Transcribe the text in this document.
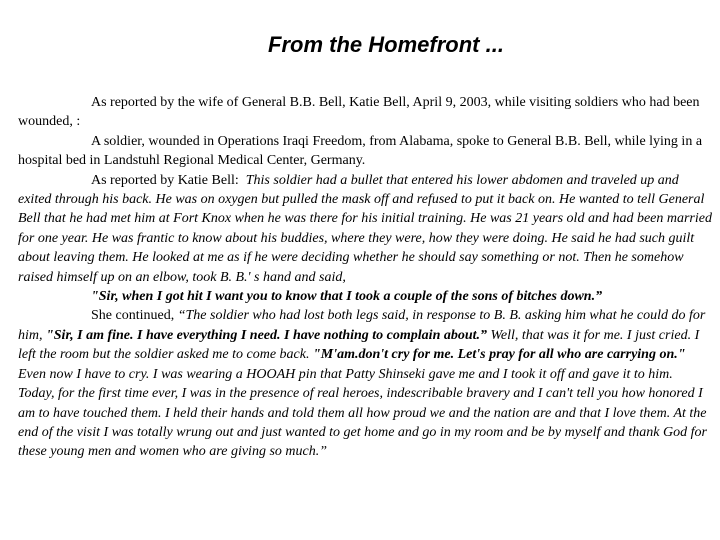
From the Homefront ...

As reported by the wife of General B.B. Bell, Katie Bell, April 9, 2003, while visiting soldiers who had been wounded, :

A soldier, wounded in Operations Iraqi Freedom, from Alabama, spoke to General B.B. Bell, while lying in a hospital bed in Landstuhl Regional Medical Center, Germany.

As reported by Katie Bell: This soldier had a bullet that entered his lower abdomen and traveled up and exited through his back. He was on oxygen but pulled the mask off and refused to put it back on. He wanted to tell General Bell that he had met him at Fort Knox when he was there for his initial training. He was 21 years old and had been married for one year. He was frantic to know about his buddies, where they were, how they were doing. He said he had such guilt about leaving them. He looked at me as if he were deciding whether he should say something or not. Then he somehow raised himself up on an elbow, took B. B.' s hand and said,

"Sir, when I got hit I want you to know that I took a couple of the sons of bitches down.”

She continued, “The soldier who had lost both legs said, in response to B. B. asking him what he could do for him, "Sir, I am fine. I have everything I need. I have nothing to complain about.” Well, that was it for me. I just cried. I left the room but the soldier asked me to come back. "M'am.don't cry for me. Let's pray for all who are carrying on." Even now I have to cry. I was wearing a HOOAH pin that Patty Shinseki gave me and I took it off and gave it to him. Today, for the first time ever, I was in the presence of real heroes, indescribable bravery and I can't tell you how honored I am to have touched them. I held their hands and told them all how proud we and the nation are and that I love them. At the end of the visit I was totally wrung out and just wanted to get home and go in my room and be by myself and thank God for these young men and women who are giving so much.”
